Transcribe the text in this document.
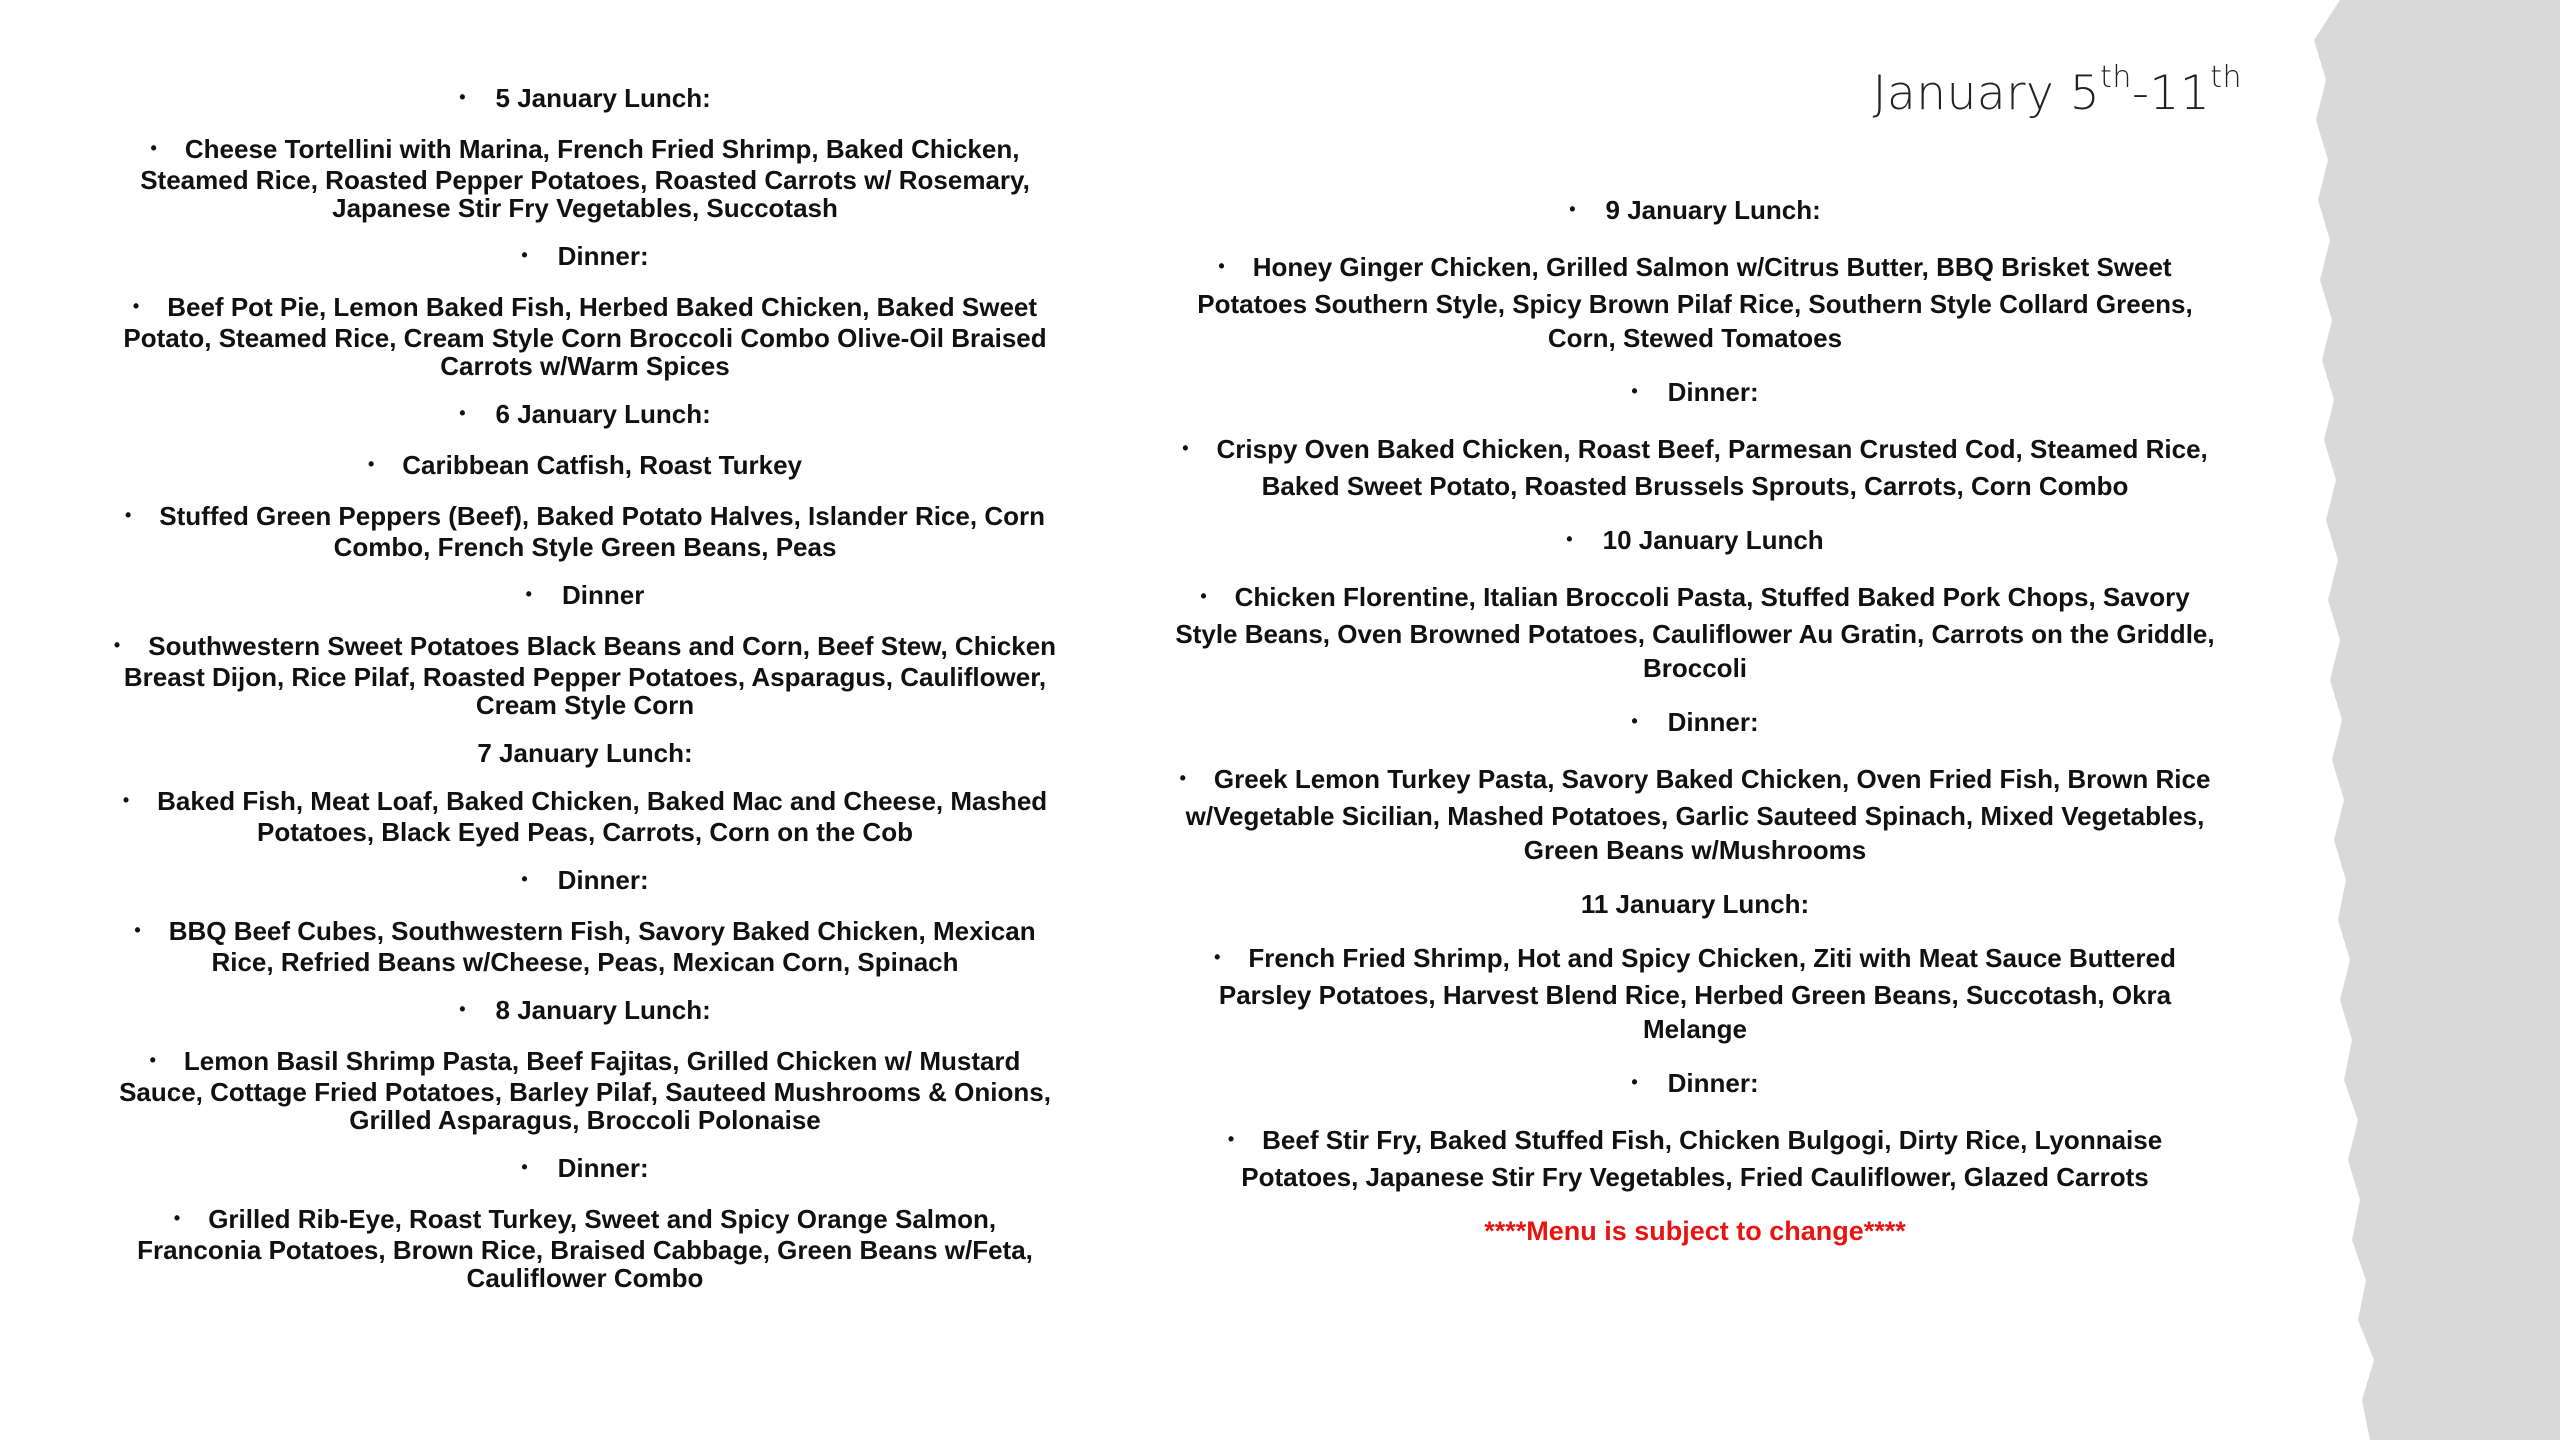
January 5th-11th

• 5 January Lunch:

• Cheese Tortellini with Marina, French Fried Shrimp, Baked Chicken, Steamed Rice, Roasted Pepper Potatoes, Roasted Carrots w/ Rosemary, Japanese Stir Fry Vegetables, Succotash

• Dinner:

• Beef Pot Pie, Lemon Baked Fish, Herbed Baked Chicken, Baked Sweet Potato, Steamed Rice, Cream Style Corn Broccoli Combo Olive-Oil Braised Carrots w/Warm Spices

• 6 January Lunch:

• Caribbean Catfish, Roast Turkey

• Stuffed Green Peppers (Beef), Baked Potato Halves, Islander Rice, Corn Combo, French Style Green Beans, Peas

• Dinner

• Southwestern Sweet Potatoes Black Beans and Corn, Beef Stew, Chicken Breast Dijon, Rice Pilaf, Roasted Pepper Potatoes, Asparagus, Cauliflower, Cream Style Corn

7 January Lunch:

• Baked Fish, Meat Loaf, Baked Chicken, Baked Mac and Cheese, Mashed Potatoes, Black Eyed Peas, Carrots, Corn on the Cob

• Dinner:

• BBQ Beef Cubes, Southwestern Fish, Savory Baked Chicken, Mexican Rice, Refried Beans w/Cheese, Peas, Mexican Corn, Spinach

• 8 January Lunch:

• Lemon Basil Shrimp Pasta, Beef Fajitas, Grilled Chicken w/ Mustard Sauce, Cottage Fried Potatoes, Barley Pilaf, Sauteed Mushrooms & Onions, Grilled Asparagus, Broccoli Polonaise

• Dinner:

• Grilled Rib-Eye, Roast Turkey, Sweet and Spicy Orange Salmon, Franconia Potatoes, Brown Rice, Braised Cabbage, Green Beans w/Feta, Cauliflower Combo

• 9 January Lunch:

• Honey Ginger Chicken, Grilled Salmon w/Citrus Butter, BBQ Brisket Sweet Potatoes Southern Style, Spicy Brown Pilaf Rice, Southern Style Collard Greens, Corn, Stewed Tomatoes

• Dinner:

• Crispy Oven Baked Chicken, Roast Beef, Parmesan Crusted Cod, Steamed Rice, Baked Sweet Potato, Roasted Brussels Sprouts, Carrots, Corn Combo

• 10 January Lunch

• Chicken Florentine, Italian Broccoli Pasta, Stuffed Baked Pork Chops, Savory Style Beans, Oven Browned Potatoes, Cauliflower Au Gratin, Carrots on the Griddle, Broccoli

• Dinner:

• Greek Lemon Turkey Pasta, Savory Baked Chicken, Oven Fried Fish, Brown Rice w/Vegetable Sicilian, Mashed Potatoes, Garlic Sauteed Spinach, Mixed Vegetables, Green Beans w/Mushrooms

11 January Lunch:

• French Fried Shrimp, Hot and Spicy Chicken, Ziti with Meat Sauce Buttered Parsley Potatoes, Harvest Blend Rice, Herbed Green Beans, Succotash, Okra Melange

• Dinner:

• Beef Stir Fry, Baked Stuffed Fish, Chicken Bulgogi, Dirty Rice, Lyonnaise Potatoes, Japanese Stir Fry Vegetables, Fried Cauliflower, Glazed Carrots

****Menu is subject to change****
